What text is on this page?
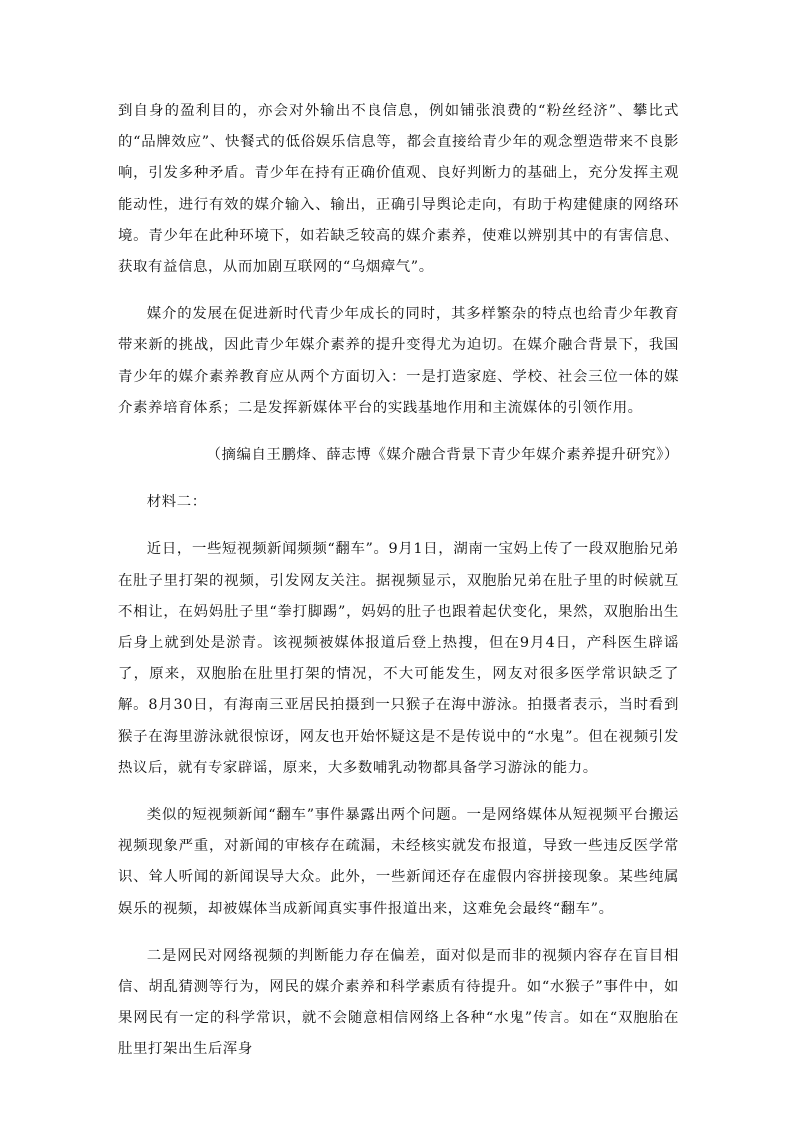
到自身的盈利目的，亦会对外输出不良信息，例如铺张浪费的“粉丝经济”、攀比式的“品牌效应”、快餐式的低俗娱乐信息等，都会直接给青少年的观念塑造带来不良影响，引发多种矛盾。青少年在持有正确价值观、良好判断力的基础上，充分发挥主观能动性，进行有效的媒介输入、输出，正确引导舆论走向，有助于构建健康的网络环境。青少年在此种环境下，如若缺乏较高的媒介素养，使难以辨别其中的有害信息、获取有益信息，从而加剧互联网的“乌烟瘴气”。

媒介的发展在促进新时代青少年成长的同时，其多样繁杂的特点也给青少年教育带来新的挑战，因此青少年媒介素养的提升变得尤为迫切。在媒介融合背景下，我国青少年的媒介素养教育应从两个方面切入：一是打造家庭、学校、社会三位一体的媒介素养培育体系；二是发挥新媒体平台的实践基地作用和主流媒体的引领作用。

（摘编自王鹏烽、薛志博《媒介融合背景下青少年媒介素养提升研究》）

材料二：

近日，一些短视频新闻频频“翻车”。9月1日，湖南一宝妈上传了一段双胞胎兄弟在肚子里打架的视频，引发网友关注。据视频显示，双胞胎兄弟在肚子里的时候就互不相让，在妈妈肚子里“拳打脚踢”，妈妈的肚子也跟着起伏变化，果然，双胞胎出生后身上就到处是淤青。该视频被媒体报道后登上热搜，但在9月4日，产科医生辟谣了，原来，双胞胎在肚里打架的情况，不大可能发生，网友对很多医学常识缺乏了解。8月30日，有海南三亚居民拍摄到一只猴子在海中游泳。拍摄者表示，当时看到猴子在海里游泳就很惊讶，网友也开始怀疑这是不是传说中的“水鬼”。但在视频引发热议后，就有专家辟谣，原来，大多数哺乳动物都具备学习游泳的能力。

类似的短视频新闻“翻车”事件暴露出两个问题。一是网络媒体从短视频平台搬运视频现象严重，对新闻的审核存在疏漏，未经核实就发布报道，导致一些违反医学常识、耸人听闻的新闻误导大众。此外，一些新闻还存在虚假内容拼接现象。某些纯属娱乐的视频，却被媒体当成新闻真实事件报道出来，这难免会最终“翻车”。

二是网民对网络视频的判断能力存在偏差，面对似是而非的视频内容存在盲目相信、胡乱猜测等行为，网民的媒介素养和科学素质有待提升。如“水猴子”事件中，如果网民有一定的科学常识，就不会随意相信网络上各种“水鬼”传言。如在“双胞胎在肚里打架出生后浑身
